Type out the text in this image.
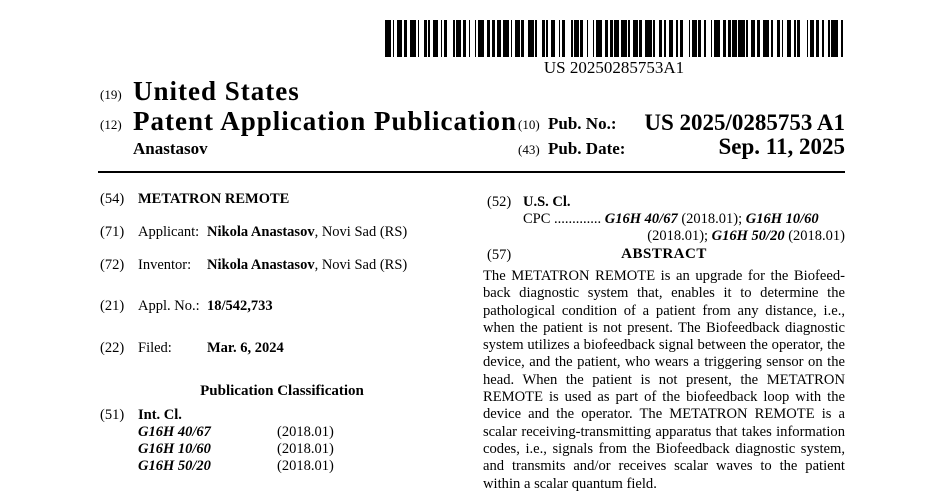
US 20250285753A1
(19) United States
(12) Patent Application Publication
Anastasov
(10) Pub. No.: US 2025/0285753 A1
(43) Pub. Date:	Sep. 11, 2025
(54) METATRON REMOTE
(71) Applicant: Nikola Anastasov, Novi Sad (RS)
(72) Inventor: Nikola Anastasov, Novi Sad (RS)
(21) Appl. No.: 18/542,733
(22) Filed: Mar. 6, 2024
Publication Classification
(51) Int. Cl.
G16H 40/67	(2018.01)
G16H 10/60	(2018.01)
G16H 50/20	(2018.01)
(52) U.S. Cl.
CPC ............. G16H 40/67 (2018.01); G16H 10/60
(2018.01); G16H 50/20 (2018.01)
(57)	ABSTRACT
The METATRON REMOTE is an upgrade for the Biofeedback diagnostic system that, enables it to determine the pathological condition of a patient from any distance, i.e., when the patient is not present. The Biofeedback diagnostic system utilizes a biofeedback signal between the operator, the device, and the patient, who wears a triggering sensor on the head. When the patient is not present, the METATRON REMOTE is used as part of the biofeedback loop with the device and the operator. The METATRON REMOTE is a scalar receiving-transmitting apparatus that takes information codes, i.e., signals from the Biofeedback diagnostic system, and transmits and/or receives scalar waves to the patient within a scalar quantum field.
